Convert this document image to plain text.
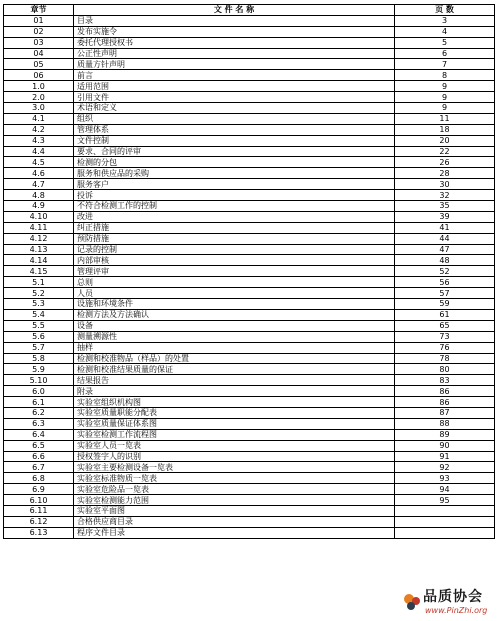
章节	文 件 名 称	页 数
01	目录	3
02	发布实施令	4
03	委托代理授权书	5
04	公正性声明	6
05	质量方针声明	7
06	前言	8
1.0	适用范围	9
2.0	引用文件	9
3.0	术语和定义	9
4.1	组织	11
4.2	管理体系	18
4.3	文件控制	20
4.4	要求、合同的评审	22
4.5	检测的分包	26
4.6	服务和供应品的采购	28
4.7	服务客户	30
4.8	投诉	32
4.9	不符合检测工作的控制	35
4.10	改进	39
4.11	纠正措施	41
4.12	预防措施	44
4.13	记录的控制	47
4.14	内部审核	48
4.15	管理评审	52
5.1	总则	56
5.2	人员	57
5.3	设施和环境条件	59
5.4	检测方法及方法确认	61
5.5	设备	65
5.6	测量溯源性	73
5.7	抽样	76
5.8	检测和校准物品（样品）的处置	78
5.9	检测和校准结果质量的保证	80
5.10	结果报告	83
6.0	附录	86
6.1	实验室组织机构图	86
6.2	实验室质量职能分配表	87
6.3	实验室质量保证体系图	88
6.4	实验室检测工作流程图	89
6.5	实验室人员一览表	90
6.6	授权签字人的识别	91
6.7	实验室主要检测设备一览表	92
6.8	实验室标准物质一览表	93
6.9	实验室危险品一览表	94
6.10	实验室检测能力范围	95
6.11	实验室平面图	
6.12	合格供应商目录	
6.13	程序文件目录	
品质协会
www.PinZhi.org
